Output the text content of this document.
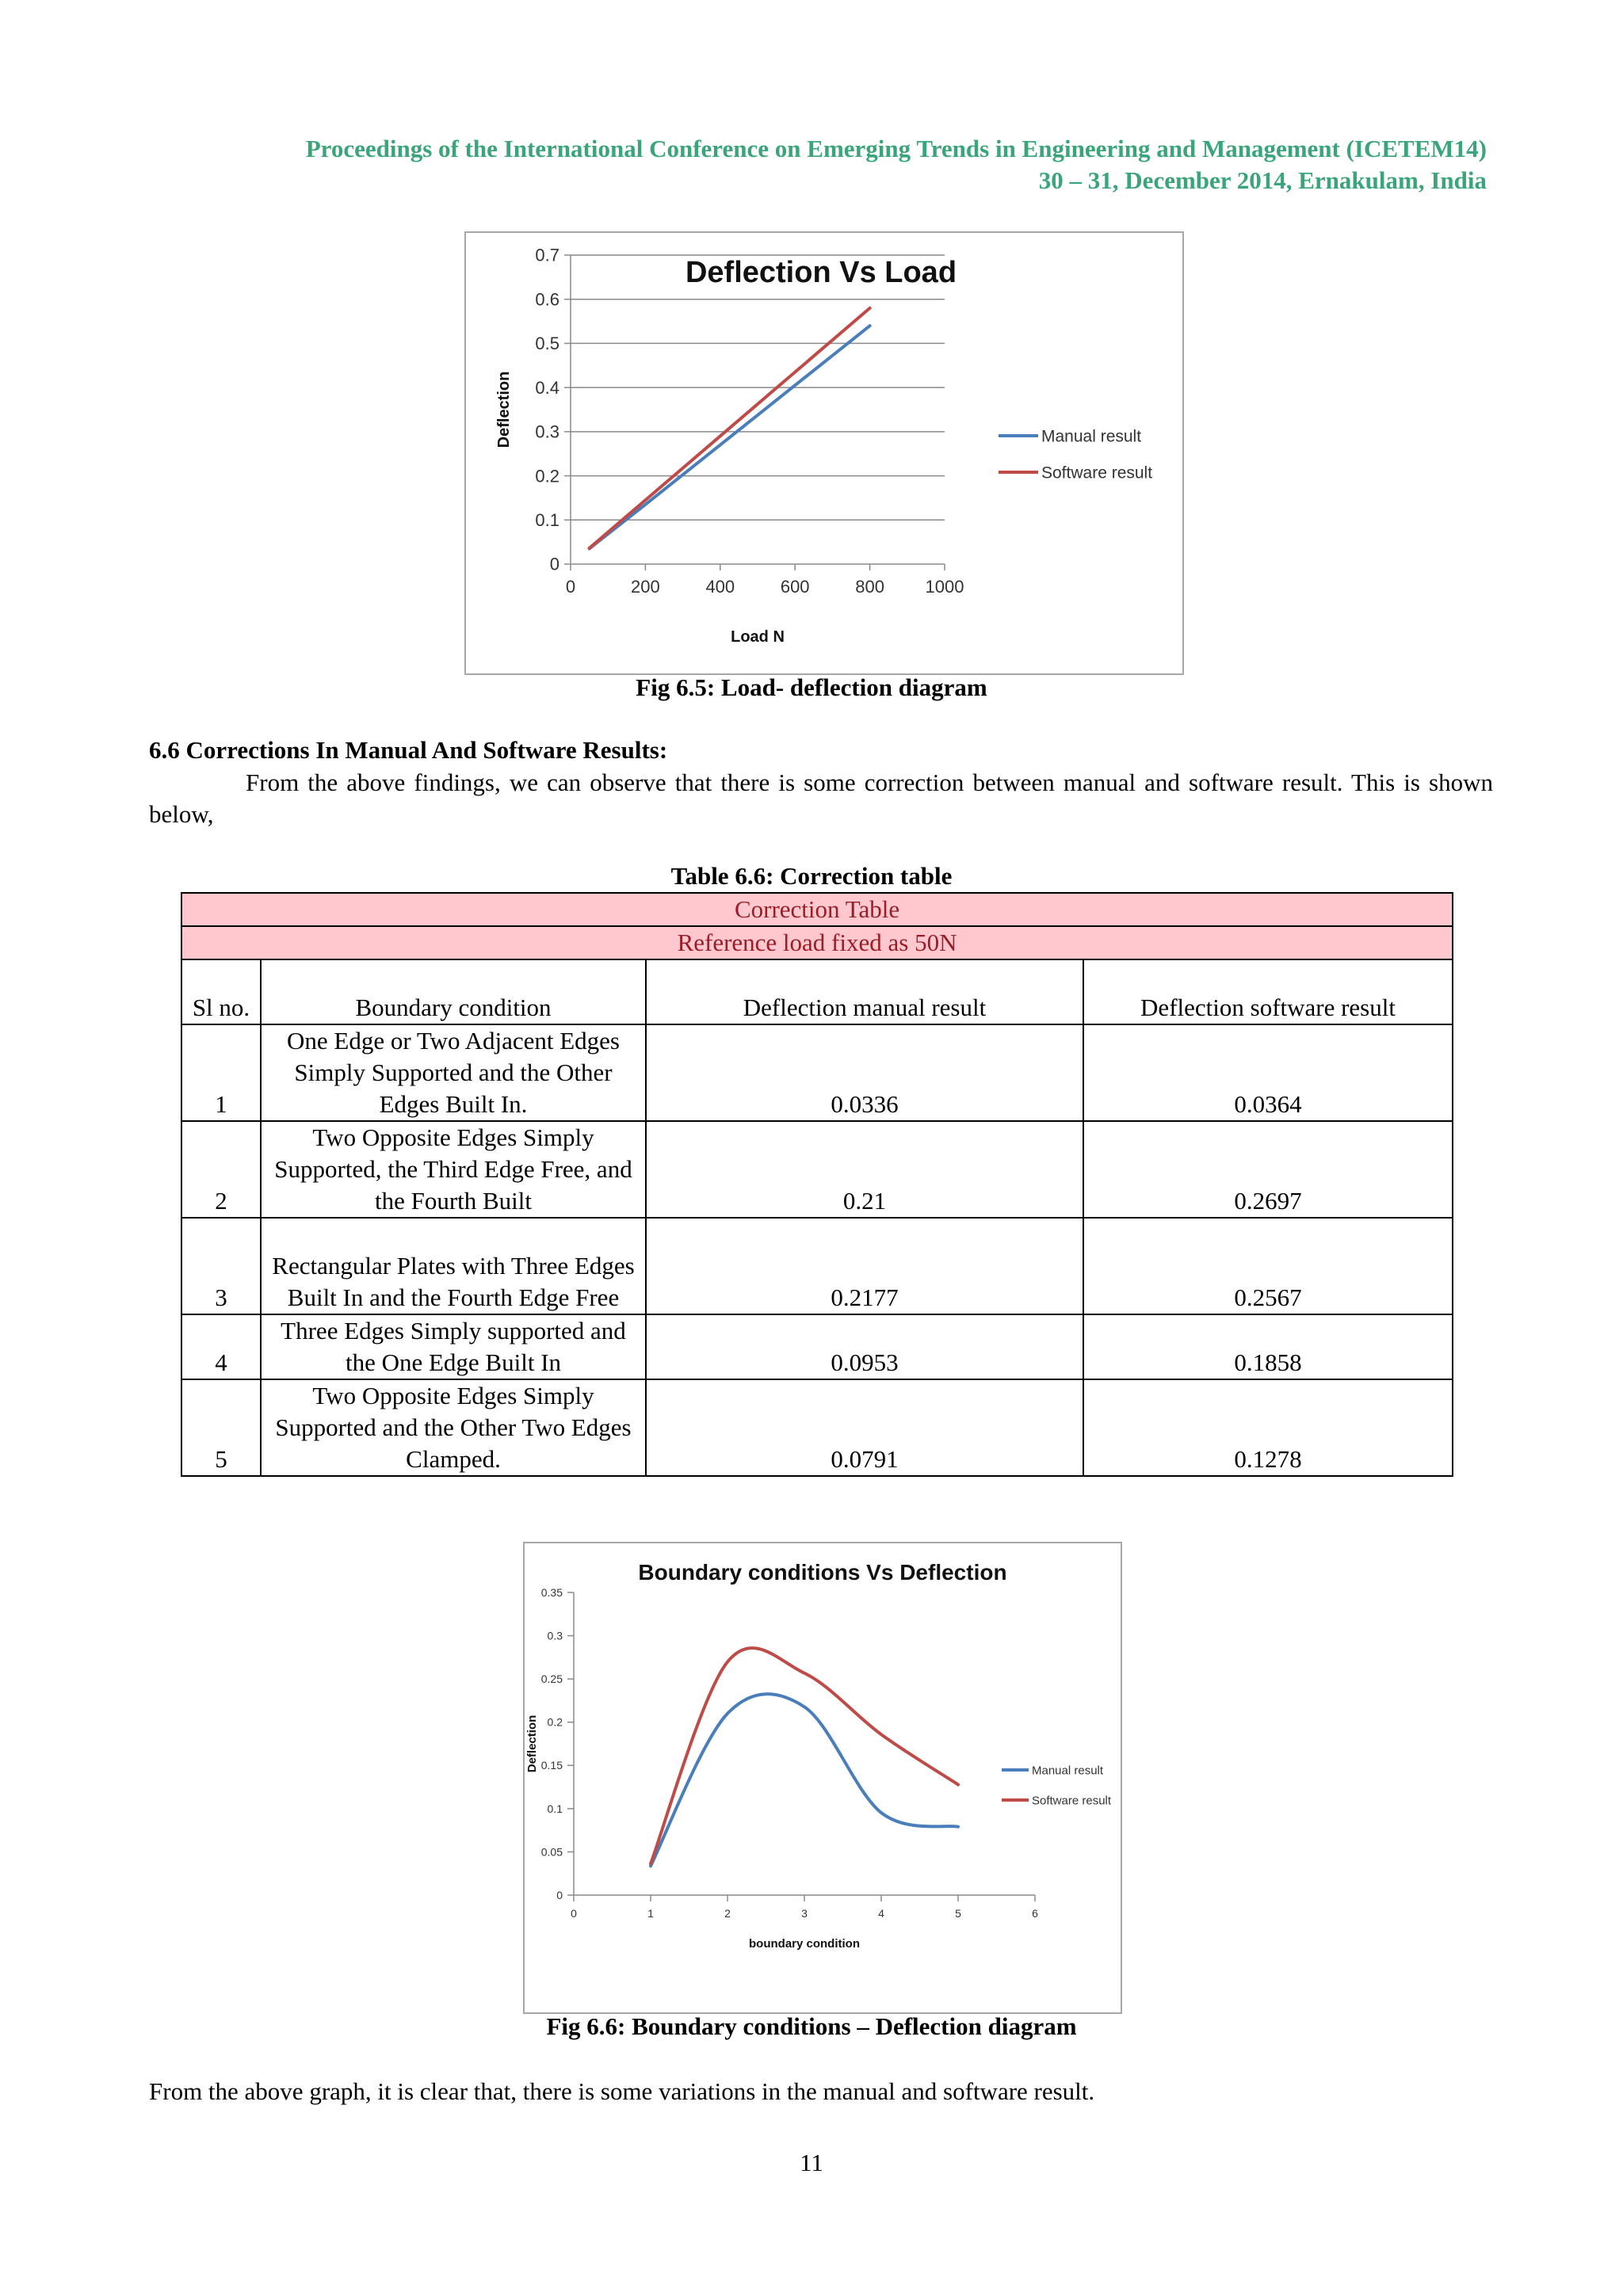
Proceedings of the International Conference on Emerging Trends in Engineering and Management (ICETEM14)
30 – 31, December 2014, Ernakulam, India
0
0.1
0.2
0.3
0.4
0.5
0.6
0.7
0	200	400	600	800 1000
Deflection Vs Load
Load N
Deflection	Manual result
Software result
Fig 6.5: Load- deflection diagram
6.6 Corrections In Manual And Software Results:
From the above findings, we can observe that there is some correction between manual and software result. This is shown below,
Table 6.6: Correction table
Correction Table			
Reference load fixed as 50N			
Sl no.	Boundary condition	Deflection manual result	Deflection software result
1	One Edge or Two Adjacent Edges Simply Supported and the Other Edges Built In.	0.0336	0.0364
2	Two Opposite Edges Simply Supported, the Third Edge Free, and the Fourth Built	0.21	0.2697
3	Rectangular Plates with Three Edges Built In and the Fourth Edge Free	0.2177	0.2567
4	Three Edges Simply supported and the One Edge Built In	0.0953	0.1858
5	Two Opposite Edges Simply Supported and the Other Two Edges Clamped.	0.0791	0.1278
0
0.05
0.1
0.15
0.2
0.25
0.3
0.35
0	1	2	3	4	5	6
Boundary conditions Vs Deflection
boundary condition
Deflection	Manual result
Software result
Fig 6.6: Boundary conditions – Deflection diagram
From the above graph, it is clear that, there is some variations in the manual and software result.
11
